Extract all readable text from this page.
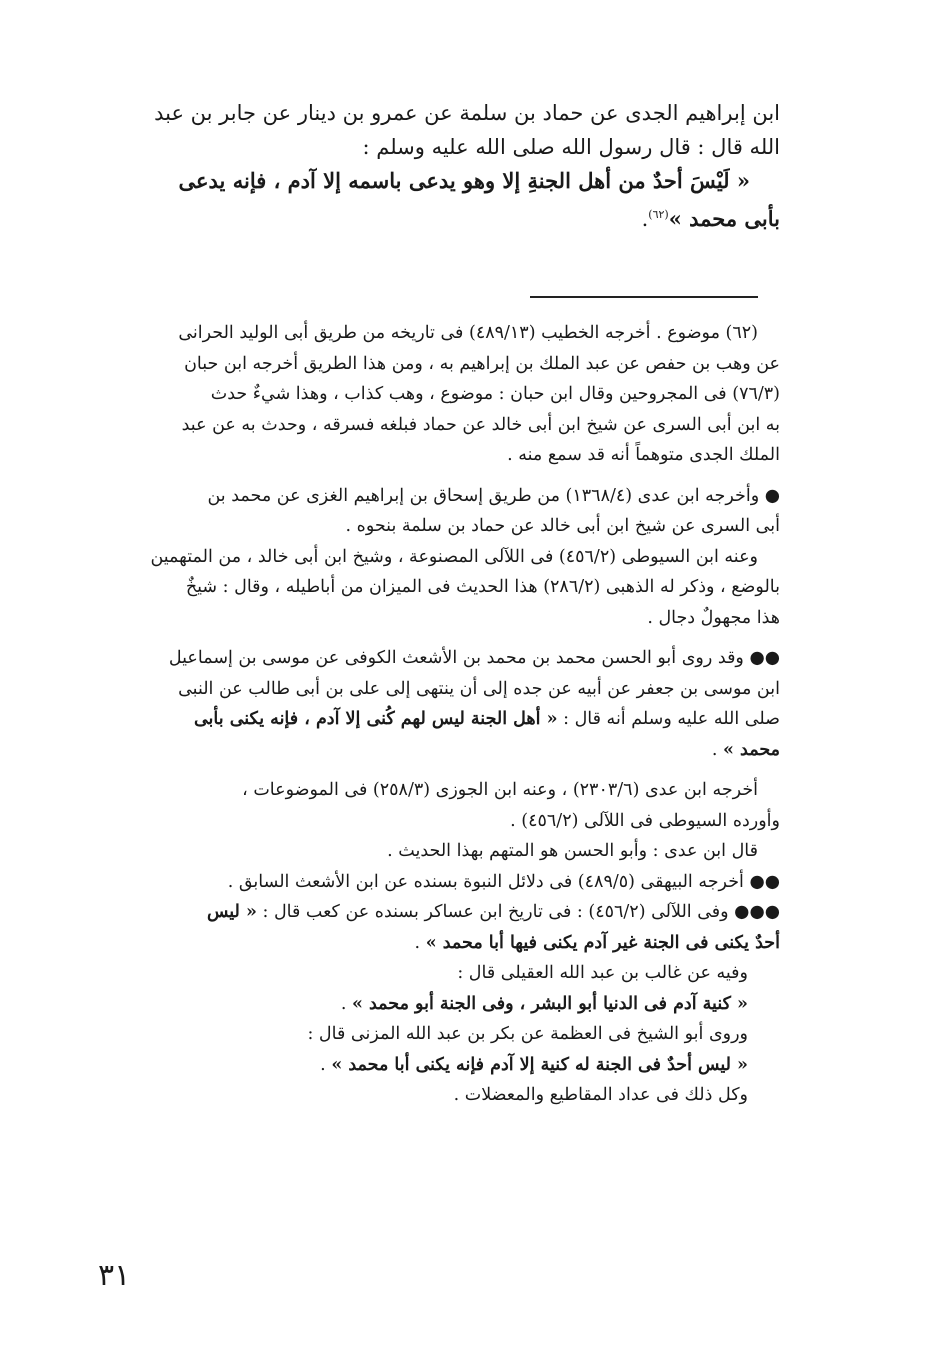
ابن إبراهيم الجدى عن حماد بن سلمة عن عمرو بن دينار عن جابر بن عبد
الله قال : قال رسول الله صلى الله عليه وسلم :
« لَيْسَ أحدٌ من أهل الجنةِ إلا وهو يدعى باسمه إلا آدم ، فإنه يدعى
بأبى محمد »$^{(٦٢)}$.
(٦٢) موضوع . أخرجه الخطيب (٤٨٩/١٣) فى تاريخه من طريق أبى الوليد الحرانى
عن وهب بن حفص عن عبد الملك بن إبراهيم به ، ومن هذا الطريق أخرجه ابن حبان
(٧٦/٣) فى المجروحين وقال ابن حبان : موضوع ، وهب كذاب ، وهذا شيءٌ حدث
به ابن أبى السرى عن شيخ ابن أبى خالد عن حماد فبلغه فسرقه ، وحدث به عن عبد
الملك الجدى متوهماً أنه قد سمع منه .
● وأخرجه ابن عدى (١٣٦٨/٤) من طريق إسحاق بن إبراهيم الغزى عن محمد بن
أبى السرى عن شيخ ابن أبى خالد عن حماد بن سلمة بنحوه .
وعنه ابن السيوطى (٤٥٦/٢) فى اللآلى المصنوعة ، وشيخ ابن أبى خالد ، من المتهمين
بالوضع ، وذكر له الذهبى (٢٨٦/٢) هذا الحديث فى الميزان من أباطيله ، وقال : شيخٌ
هذا مجهولٌ دجال .
●● وقد روى أبو الحسن محمد بن محمد بن الأشعث الكوفى عن موسى بن إسماعيل
ابن موسى بن جعفر عن أبيه عن جده إلى أن ينتهى إلى على بن أبى طالب عن النبى
صلى الله عليه وسلم أنه قال : « أهل الجنة ليس لهم كُنى إلا آدم ، فإنه يكنى بأبى
محمد » .
أخرجه ابن عدى (٢٣٠٣/٦) ، وعنه ابن الجوزى (٢٥٨/٣) فى الموضوعات ،
وأورده السيوطى فى اللآلى (٤٥٦/٢) .
قال ابن عدى : وأبو الحسن هو المتهم بهذا الحديث .
●● أخرجه البيهقى (٤٨٩/٥) فى دلائل النبوة بسنده عن ابن الأشعث السابق .
●●● وفى اللآلى (٤٥٦/٢) : فى تاريخ ابن عساكر بسنده عن كعب قال : « ليس
أحدٌ يكنى فى الجنة غير آدم يكنى فيها أبا محمد » .
وفيه عن غالب بن عبد الله العقيلى قال :
« كنية آدم فى الدنيا أبو البشر ، وفى الجنة أبو محمد » .
وروى أبو الشيخ فى العظمة عن بكر بن عبد الله المزنى قال :
« ليس أحدٌ فى الجنة له كنية إلا آدم فإنه يكنى أبا محمد » .
وكل ذلك فى عداد المقاطيع والمعضلات .
٣١
